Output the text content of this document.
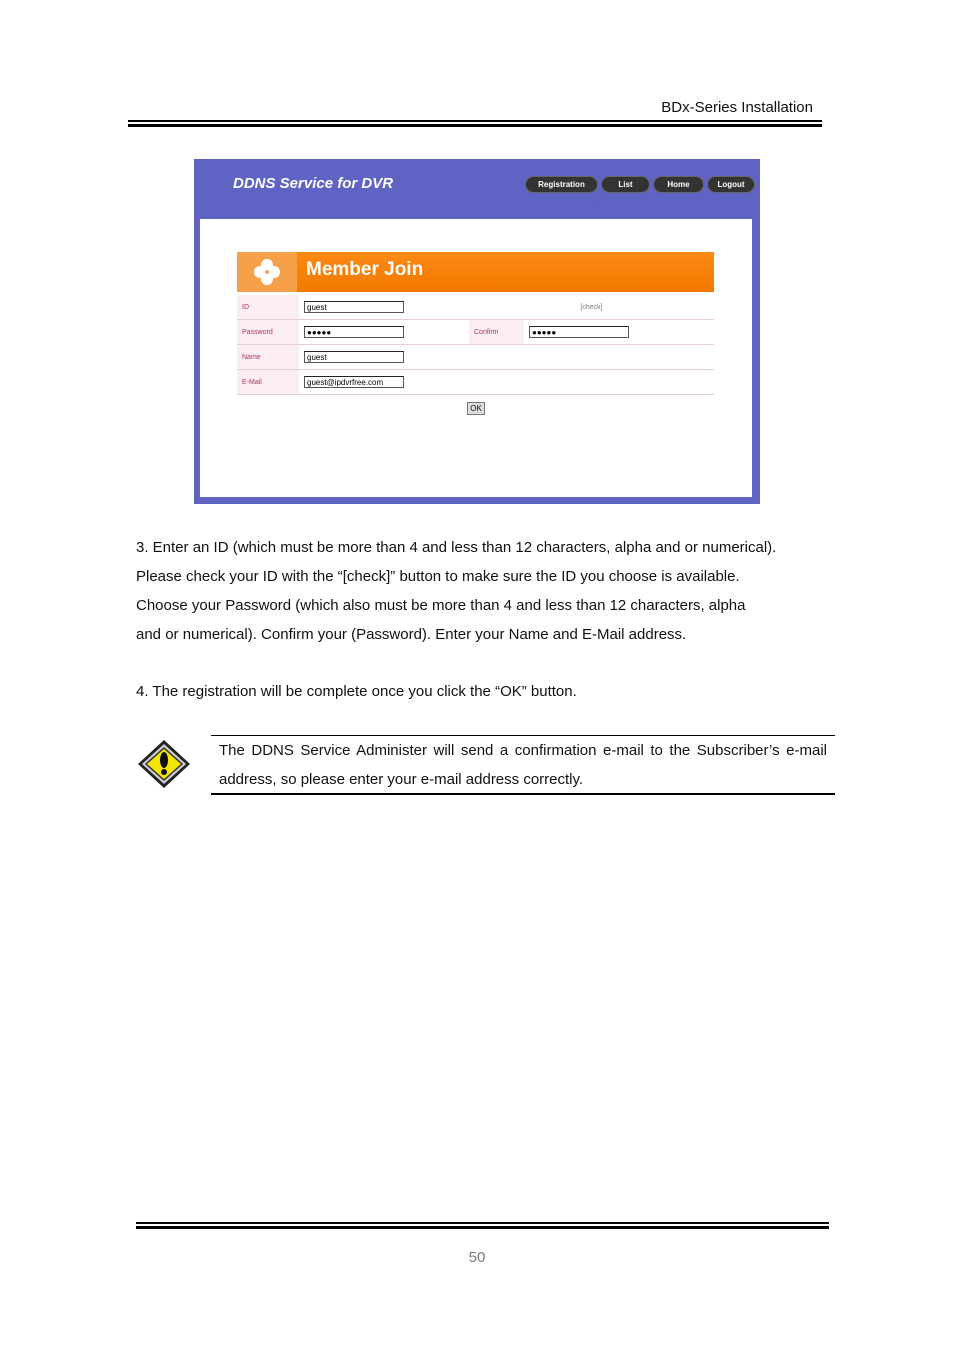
BDx-Series Installation
DDNS Service for DVR	Registration	List	Home	Logout
Member Join
ID	guest	[check]	
Password	●●●●●	Confirm	●●●●●
Name	guest		
E-Mail	guest@ipdvrfree.com		
OK
3. Enter an ID (which must be more than 4 and less than 12 characters, alpha and or numerical).
Please check your ID with the “[check]” button to make sure the ID you choose is available.
Choose your Password (which also must be more than 4 and less than 12 characters, alpha
and or numerical). Confirm your (Password). Enter your Name and E-Mail address.
4. The registration will be complete once you click the “OK” button.
The DDNS Service Administer will send a confirmation e-mail to the Subscriber’s e-mail address, so please enter your e-mail address correctly.
50
